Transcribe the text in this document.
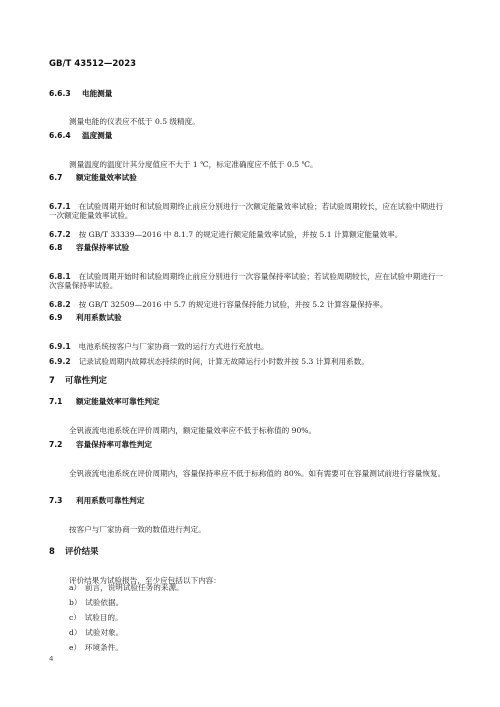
GB/T 43512—2023
6.6.3 电能测量

测量电能的仪表应不低于 0.5 级精度。

6.6.4 温度测量

测量温度的温度计其分度值应不大于 1 ℃，标定准确度应不低于 0.5 ℃。

6.7 额定能量效率试验

6.7.1 在试验周期开始时和试验周期终止前应分别进行一次额定能量效率试验；若试验周期较长，应在试验中期进行一次额定能量效率试验。

6.7.2 按 GB/T 33339—2016 中 8.1.7 的规定进行额定能量效率试验，并按 5.1 计算额定能量效率。

6.8 容量保持率试验

6.8.1 在试验周期开始时和试验周期终止前应分别进行一次容量保持率试验；若试验周期较长，应在试验中期进行一次容量保持率试验。

6.8.2 按 GB/T 32509—2016 中 5.7 的规定进行容量保持能力试验，并按 5.2 计算容量保持率。

6.9 利用系数试验

6.9.1 电池系统按客户与厂家协商一致的运行方式进行充放电。

6.9.2 记录试验周期内故障状态持续的时间，计算无故障运行小时数并按 5.3 计算利用系数。

7 可靠性判定
7.1 额定能量效率可靠性判定

全钒液流电池系统在评价周期内，额定能量效率应不低于标称值的 90%。

7.2 容量保持率可靠性判定

全钒液流电池系统在评价周期内，容量保持率应不低于标称值的 80%。如有需要可在容量测试前进行容量恢复。

7.3 利用系数可靠性判定

按客户与厂家协商一致的数值进行判定。

8 评价结果

评价结果为试验报告，至少应包括以下内容：

a）　前言，说明试验任务的来源。
b）　试验依据。
c）　试验目的。
d）　试验对象。
e）　环境条件。
4
